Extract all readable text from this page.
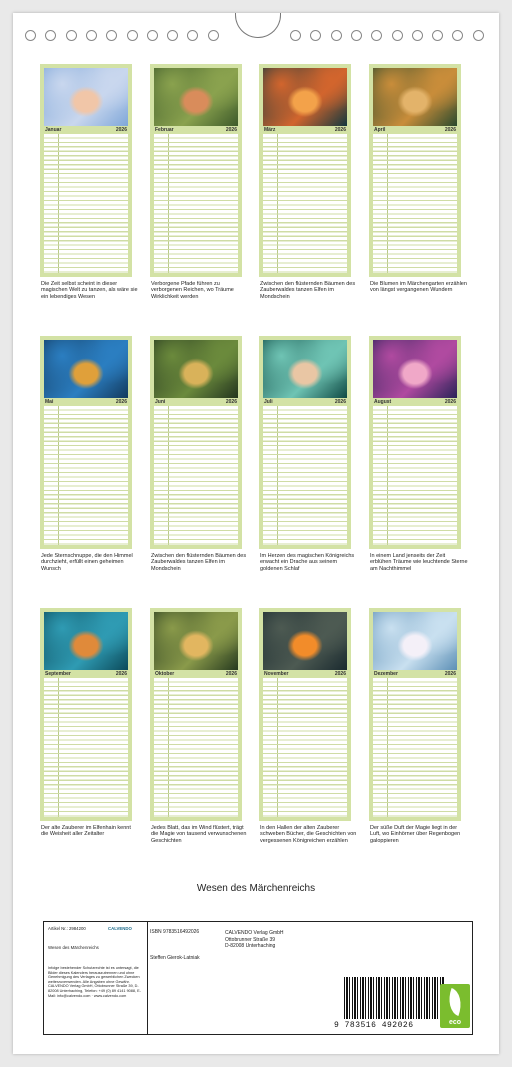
Januar	2026
Die Zeit selbst scheint in dieser magischen Welt zu tanzen, als wäre sie ein lebendiges Wesen
Februar	2026
Verborgene Pfade führen zu verborgenen Reichen, wo Träume Wirklichkeit werden
März	2026
Zwischen den flüsternden Bäumen des Zauberwaldes tanzen Elfen im Mondschein
April	2026
Die Blumen im Märchengarten erzählen von längst vergangenen Wundern
Mai	2026
Jede Sternschnuppe, die den Himmel durchzieht, erfüllt einen geheimen Wunsch
Juni	2026
Zwischen den flüsternden Bäumen des Zauberwaldes tanzen Elfen im Mondschein
Juli	2026
Im Herzen des magischen Königreichs erwacht ein Drache aus seinem goldenen Schlaf
August	2026
In einem Land jenseits der Zeit erblühen Träume wie leuchtende Sterne am Nachthimmel
September	2026
Der alte Zauberer im Elfenhain kennt die Weisheit aller Zeitalter
Oktober	2026
Jedes Blatt, das im Wind flüstert, trägt die Magie von tausend verwunschenen Geschichten
November	2026
In den Hallen der alten Zauberer schweben Bücher, die Geschichten von vergessenen Königreichen erzählen
Dezember	2026
Der süße Duft der Magie liegt in der Luft, wo Einhörner über Regenbogen galoppieren
Wesen des Märchenreichs
Artikel Nr.: 2984200	CALVENDO
Wesen des Märchenreichs
Infolge bestehender Schutzrechte ist es untersagt, die Bilder dieses Kalenders herauszutrennen und ohne Genehmigung des Verlages zu gewerblichen Zwecken weiterzuverwenden. Alle Angaben ohne Gewähr. CALVENDO Verlag GmbH, Ottobrunner Straße 39, D-82008 Unterhaching, Telefon: +49 (0) 89 4141 9088, E-Mail: info@calvendo.com · www.calvendo.com
ISBN 9783516492026
Steffen Gierok-Latniak
CALVENDO Verlag GmbH
Ottobrunner Straße 39
D-82008 Unterhaching
9 783516 492026	eco
